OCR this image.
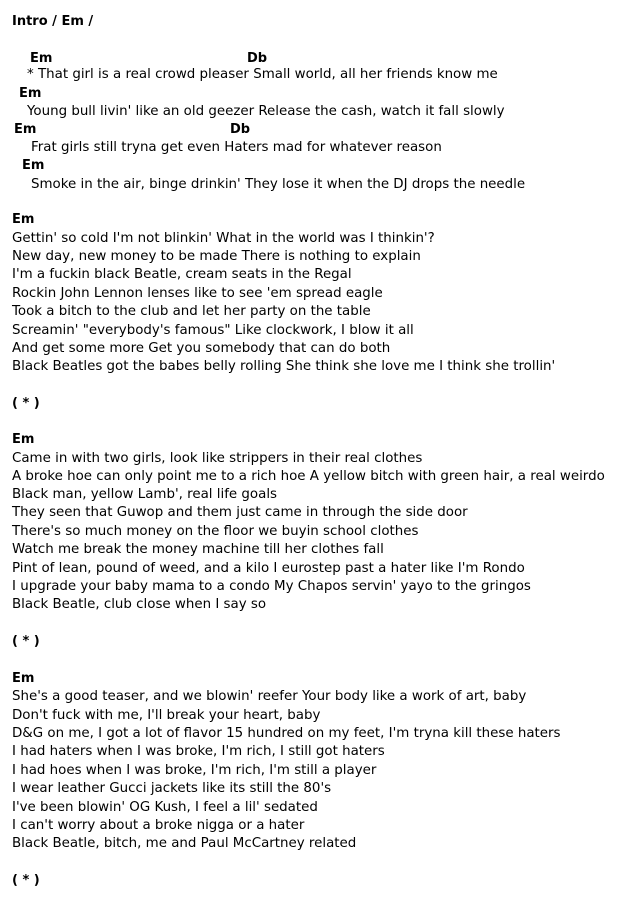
Intro / Em /
Em	Db
* That girl is a real crowd pleaser Small world, all her friends know me
Em
Young bull livin' like an old geezer Release the cash, watch it fall slowly
Em	Db
Frat girls still tryna get even Haters mad for whatever reason
Em
Smoke in the air, binge drinkin' They lose it when the DJ drops the needle
Em
Gettin' so cold I'm not blinkin' What in the world was I thinkin'?
New day, new money to be made There is nothing to explain
I'm a fuckin black Beatle, cream seats in the Regal
Rockin John Lennon lenses like to see 'em spread eagle
Took a bitch to the club and let her party on the table
Screamin' "everybody's famous" Like clockwork, I blow it all
And get some more Get you somebody that can do both
Black Beatles got the babes belly rolling She think she love me I think she trollin'
( * )
Em
Came in with two girls, look like strippers in their real clothes
A broke hoe can only point me to a rich hoe A yellow bitch with green hair, a real weirdo
Black man, yellow Lamb', real life goals
They seen that Guwop and them just came in through the side door
There's so much money on the floor we buyin school clothes
Watch me break the money machine till her clothes fall
Pint of lean, pound of weed, and a kilo I eurostep past a hater like I'm Rondo
I upgrade your baby mama to a condo My Chapos servin' yayo to the gringos
Black Beatle, club close when I say so
( * )
Em
She's a good teaser, and we blowin' reefer Your body like a work of art, baby
Don't fuck with me, I'll break your heart, baby
D&G on me, I got a lot of flavor 15 hundred on my feet, I'm tryna kill these haters
I had haters when I was broke, I'm rich, I still got haters
I had hoes when I was broke, I'm rich, I'm still a player
I wear leather Gucci jackets like its still the 80's
I've been blowin' OG Kush, I feel a lil' sedated
I can't worry about a broke nigga or a hater
Black Beatle, bitch, me and Paul McCartney related
( * )
